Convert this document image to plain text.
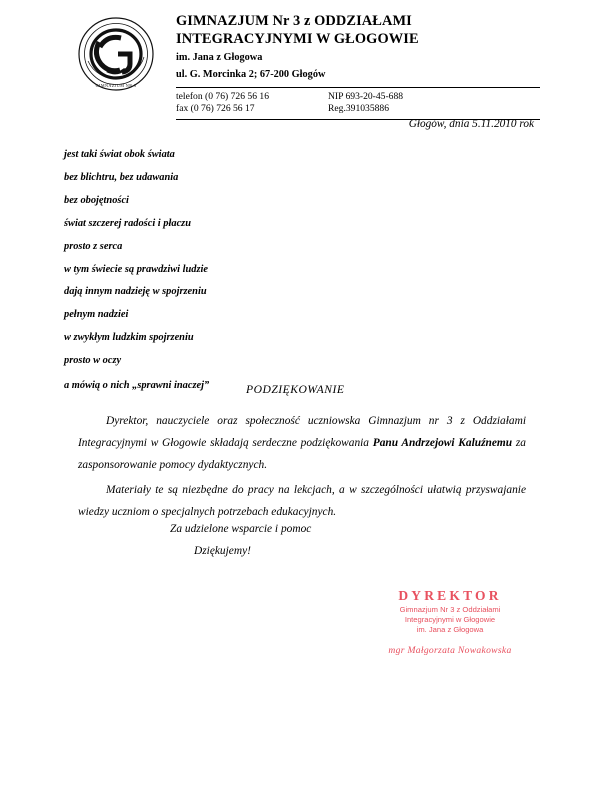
GIMNAZJUM NR 3
GIMNAZJUM Nr 3 z ODDZIAŁAMI
INTEGRACYJNYMI W GŁOGOWIE
im. Jana z Głogowa
ul. G. Morcinka 2; 67-200 Głogów
telefon (0 76) 726 56 16
fax (0 76) 726 56 17
NIP 693-20-45-688
Reg.391035886
Głogów, dnia 5.11.2010 rok
jest taki świat obok świata
bez blichtru, bez udawania
bez obojętności
świat szczerej radości i płaczu
prosto z serca
w tym świecie są prawdziwi ludzie
dają innym nadzieję w spojrzeniu
pełnym nadziei
w zwykłym ludzkim spojrzeniu
prosto w oczy
a mówią o nich „sprawni inaczej”	PODZIĘKOWANIE

Dyrektor, nauczyciele oraz społeczność uczniowska Gimnazjum nr 3 z Oddziałami Integracyjnymi w Głogowie składają serdeczne podziękowania Panu Andrzejowi Kaluźnemu za zasponsorowanie pomocy dydaktycznych.

Materiały te są niezbędne do pracy na lekcjach, a w szczególności ułatwią przyswajanie wiedzy uczniom o specjalnych potrzebach edukacyjnych.

Za udzielone wsparcie i pomoc
Dziękujemy!
DYREKTOR
Gimnazjum Nr 3 z Oddziałami
Integracyjnymi w Głogowie
im. Jana z Głogowa
mgr Małgorzata Nowakowska
